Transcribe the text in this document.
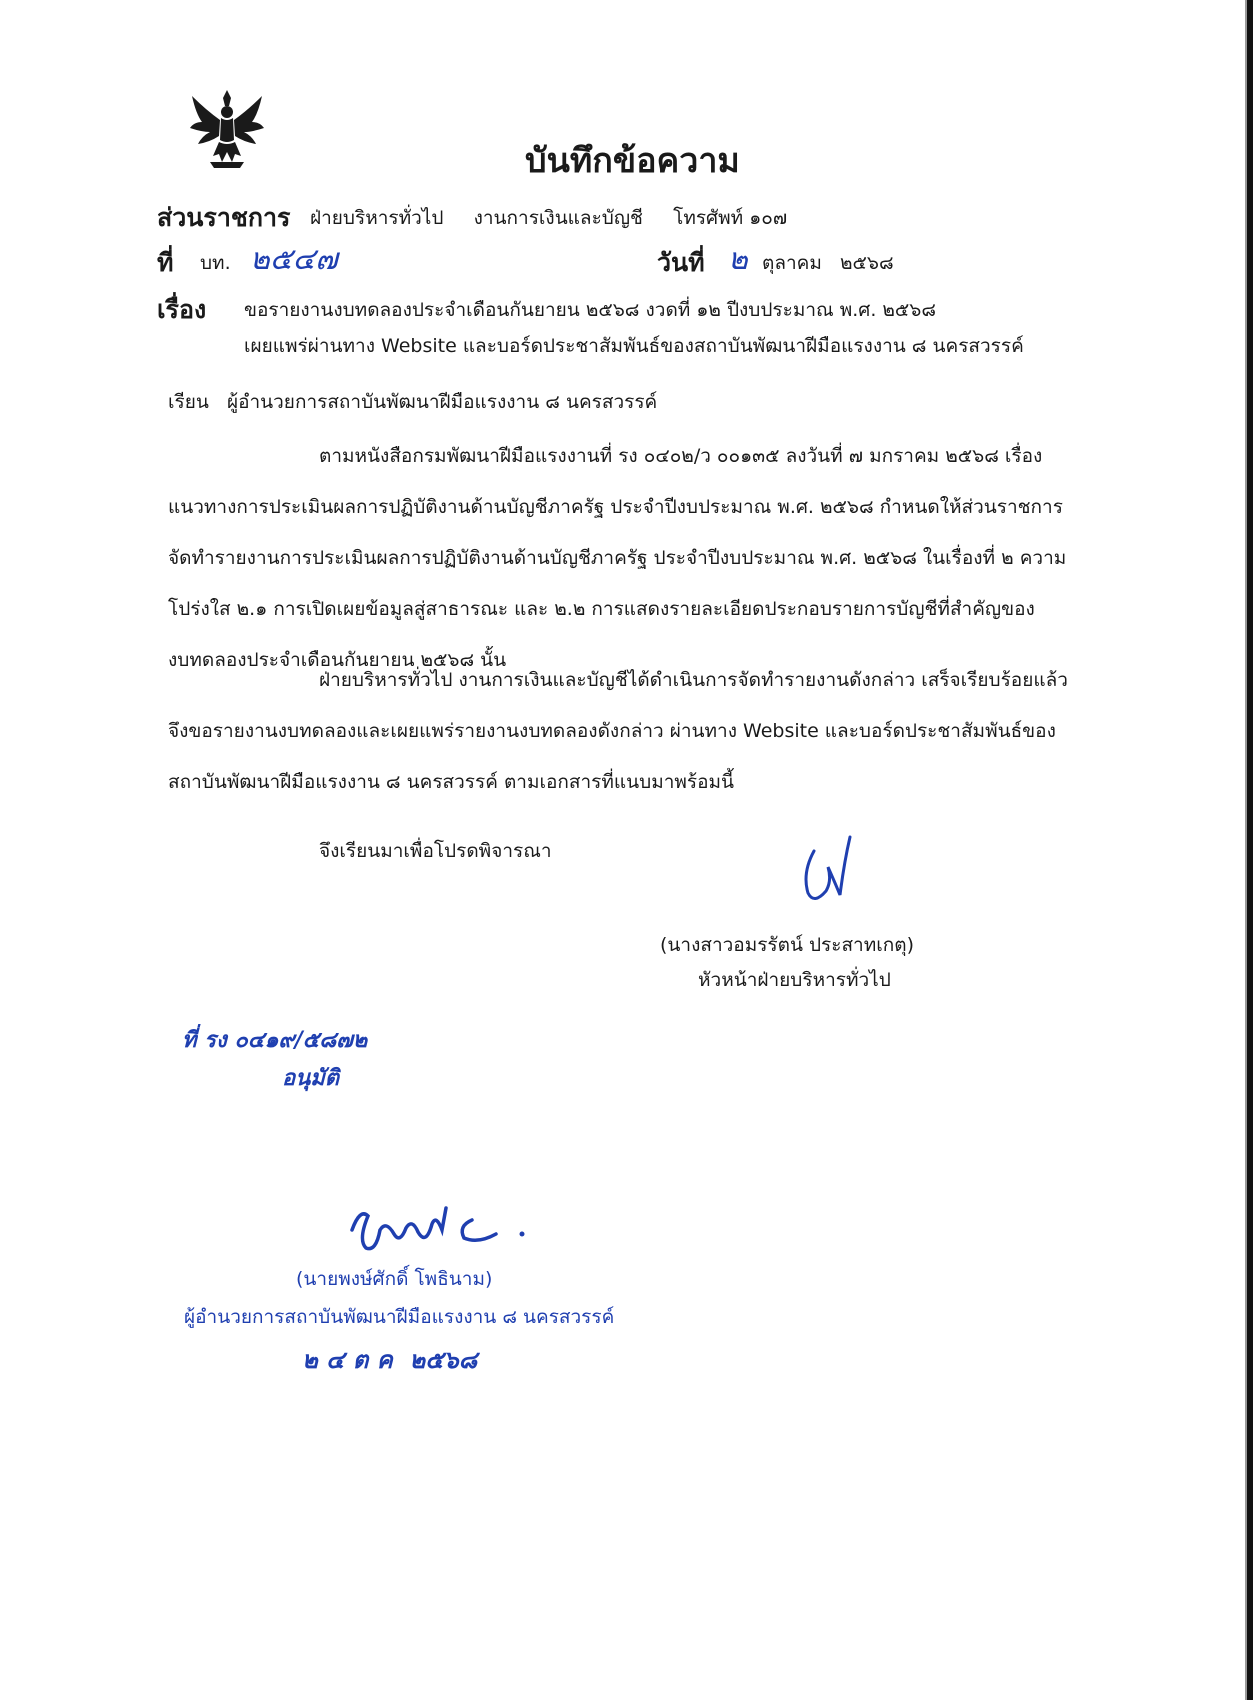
บันทึกข้อความ
ส่วนราชการ ฝ่ายบริหารทั่วไป     งานการเงินและบัญชี     โทรศัพท์ ๑๐๗
ที่ บท. ๒๕๔๗	วันที่ ๒ ตุลาคม   ๒๕๖๘
เรื่อง ขอรายงานงบทดลองประจำเดือนกันยายน ๒๕๖๘ งวดที่ ๑๒ ปีงบประมาณ พ.ศ. ๒๕๖๘
เผยแพร่ผ่านทาง Website และบอร์ดประชาสัมพันธ์ของสถาบันพัฒนาฝีมือแรงงาน ๘ นครสวรรค์
เรียน   ผู้อำนวยการสถาบันพัฒนาฝีมือแรงงาน ๘ นครสวรรค์
ตามหนังสือกรมพัฒนาฝีมือแรงงานที่ รง ๐๔๐๒/ว ๐๐๑๓๕ ลงวันที่ ๗ มกราคม ๒๕๖๘ เรื่อง
แนวทางการประเมินผลการปฏิบัติงานด้านบัญชีภาครัฐ ประจำปีงบประมาณ พ.ศ. ๒๕๖๘ กำหนดให้ส่วนราชการ
จัดทำรายงานการประเมินผลการปฏิบัติงานด้านบัญชีภาครัฐ ประจำปีงบประมาณ พ.ศ. ๒๕๖๘ ในเรื่องที่ ๒ ความ
โปร่งใส ๒.๑ การเปิดเผยข้อมูลสู่สาธารณะ และ ๒.๒ การแสดงรายละเอียดประกอบรายการบัญชีที่สำคัญของ
งบทดลองประจำเดือนกันยายน ๒๕๖๘ นั้น
ฝ่ายบริหารทั่วไป งานการเงินและบัญชีได้ดำเนินการจัดทำรายงานดังกล่าว เสร็จเรียบร้อยแล้ว
จึงขอรายงานงบทดลองและเผยแพร่รายงานงบทดลองดังกล่าว ผ่านทาง Website และบอร์ดประชาสัมพันธ์ของ
สถาบันพัฒนาฝีมือแรงงาน ๘ นครสวรรค์ ตามเอกสารที่แนบมาพร้อมนี้
จึงเรียนมาเพื่อโปรดพิจารณา
(นางสาวอมรรัตน์ ประสาทเกตุ)
หัวหน้าฝ่ายบริหารทั่วไป
ที่ รง ๐๔๑๙/๕๘๗๒
อนุมัติ
(นายพงษ์ศักดิ์ โพธินาม)
ผู้อำนวยการสถาบันพัฒนาฝีมือแรงงาน ๘ นครสวรรค์
๒ ๔ ต ค  ๒๕๖๘
